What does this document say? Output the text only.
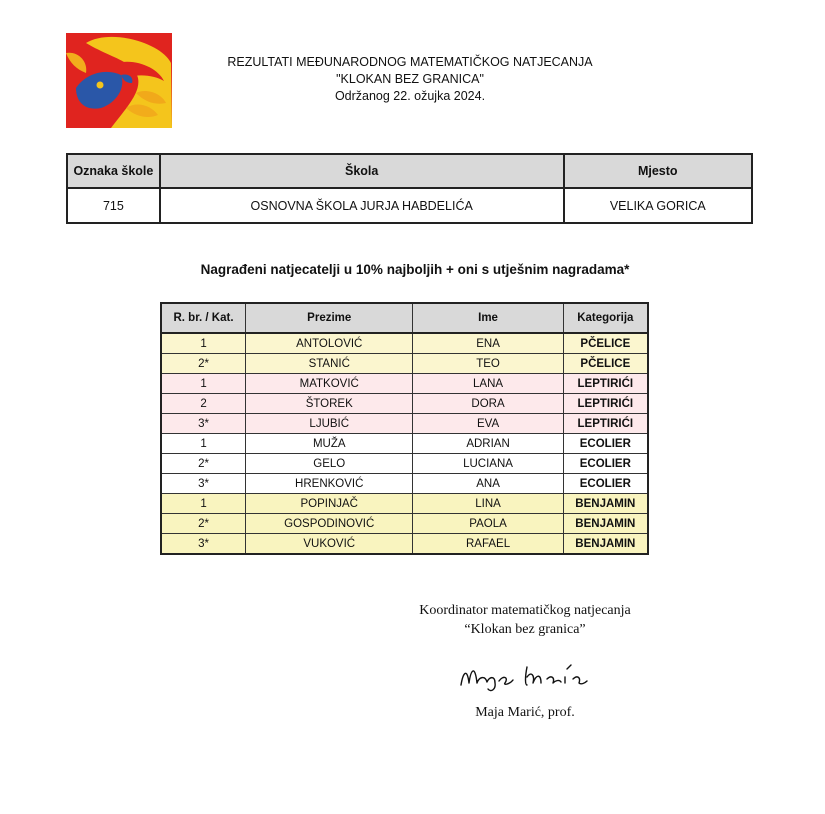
REZULTATI MEĐUNARODNOG MATEMATIČKOG NATJECANJA
"KLOKAN BEZ GRANICA"
Održanog 22. ožujka 2024.
Oznaka škole	Škola	Mjesto
715	OSNOVNA ŠKOLA JURJA HABDELIĆA	VELIKA GORICA
Nagrađeni natjecatelji u 10% najboljih + oni s utješnim nagradama*
R. br. / Kat.	Prezime	Ime	Kategorija
1	ANTOLOVIĆ	ENA	PČELICE
2*	STANIĆ	TEO	PČELICE
1	MATKOVIĆ	LANA	LEPTIRIĆI
2	ŠTOREK	DORA	LEPTIRIĆI
3*	LJUBIĆ	EVA	LEPTIRIĆI
1	MUŽA	ADRIAN	ECOLIER
2*	GELO	LUCIANA	ECOLIER
3*	HRENKOVIĆ	ANA	ECOLIER
1	POPINJAČ	LINA	BENJAMIN
2*	GOSPODINOVIĆ	PAOLA	BENJAMIN
3*	VUKOVIĆ	RAFAEL	BENJAMIN
Koordinator matematičkog natjecanja
“Klokan bez granica”
Maja Marić, prof.
